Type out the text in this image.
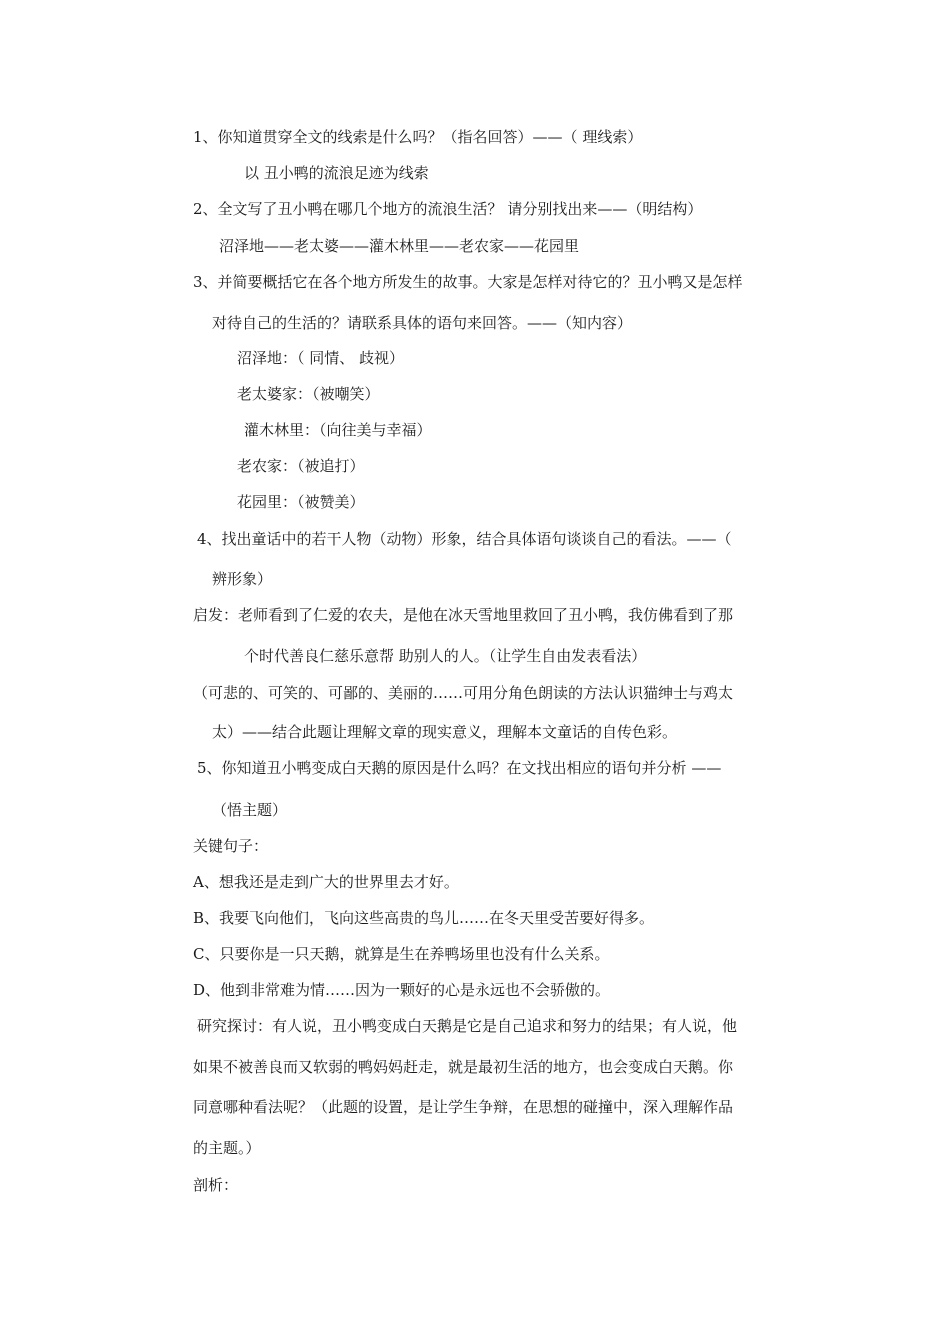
1、你知道贯穿全文的线索是什么吗？（指名回答）——（ 理线索）
以 丑小鸭的流浪足迹为线索
2、全文写了丑小鸭在哪几个地方的流浪生活？ 请分别找出来——（明结构）
沼泽地——老太婆——灌木林里——老农家——花园里
3、并简要概括它在各个地方所发生的故事。大家是怎样对待它的？丑小鸭又是怎样
对待自己的生活的？请联系具体的语句来回答。——（知内容）
沼泽地：（ 同情、 歧视）
老太婆家：（被嘲笑）
灌木林里：（向往美与幸福）
老农家：（被追打）
花园里：（被赞美）
4、找出童话中的若干人物（动物）形象，结合具体语句谈谈自己的看法。——（
辨形象）
启发：老师看到了仁爱的农夫，是他在冰天雪地里救回了丑小鸭，我仿佛看到了那
个时代善良仁慈乐意帮 助别人的人。（让学生自由发表看法）
（可悲的、可笑的、可鄙的、美丽的……可用分角色朗读的方法认识猫绅士与鸡太
太）——结合此题让理解文章的现实意义，理解本文童话的自传色彩。
5、你知道丑小鸭变成白天鹅的原因是什么吗？在文找出相应的语句并分析 ——
（悟主题）
关键句子：
A、想我还是走到广大的世界里去才好。
B、我要飞向他们，飞向这些高贵的鸟儿……在冬天里受苦要好得多。
C、只要你是一只天鹅，就算是生在养鸭场里也没有什么关系。
D、他到非常难为情……因为一颗好的心是永远也不会骄傲的。
研究探讨：有人说，丑小鸭变成白天鹅是它是自己追求和努力的结果；有人说，他
如果不被善良而又软弱的鸭妈妈赶走，就是最初生活的地方，也会变成白天鹅。你
同意哪种看法呢？（此题的设置，是让学生争辩，在思想的碰撞中，深入理解作品
的主题。）
剖析：
